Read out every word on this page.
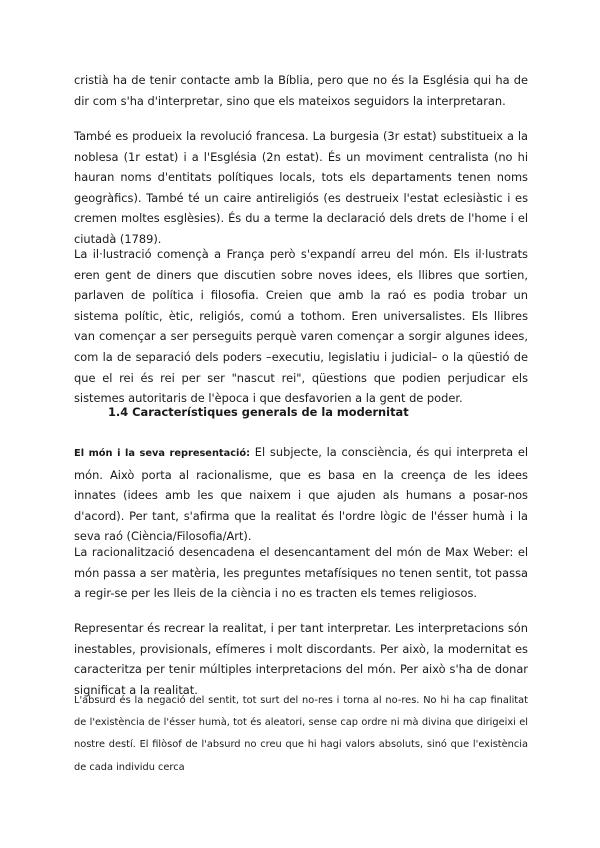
cristià ha de tenir contacte amb la Bíblia, pero que no és la Església qui ha de dir com s'ha d'interpretar, sino que els mateixos seguidors la interpretaran.

També es produeix la revolució francesa. La burgesia (3r estat) substitueix a la noblesa (1r estat) i a l'Església (2n estat). És un moviment centralista (no hi hauran noms d'entitats polítiques locals, tots els departaments tenen noms geogràfics). També té un caire antireligiós (es destrueix l'estat eclesiàstic i es cremen moltes esglèsies). És du a terme la declaració dels drets de l'home i el ciutadà (1789).

La il·lustració començà a França però s'expandí arreu del món. Els il·lustrats eren gent de diners que discutien sobre noves idees, els llibres que sortien, parlaven de política i filosofia. Creien que amb la raó es podia trobar un sistema polític, ètic, religiós, comú a tothom. Eren universalistes. Els llibres van començar a ser perseguits perquè varen començar a sorgir algunes idees, com la de separació dels poders –executiu, legislatiu i judicial– o la qüestió de que el rei és rei per ser "nascut rei", qüestions que podien perjudicar els sistemes autoritaris de l'època i que desfavorien a la gent de poder.

1.4 Característiques generals de la modernitat

El món i la seva representació: El subjecte, la consciència, és qui interpreta el món. Això porta al racionalisme, que es basa en la creença de les idees innates (idees amb les que naixem i que ajuden als humans a posar-nos d'acord). Per tant, s'afirma que la realitat és l'ordre lògic de l'ésser humà i la seva raó (Ciència/Filosofia/Art).

La racionalització desencadena el desencantament del món de Max Weber: el món passa a ser matèria, les preguntes metafísiques no tenen sentit, tot passa a regir-se per les lleis de la ciència i no es tracten els temes religiosos.

Representar és recrear la realitat, i per tant interpretar. Les interpretacions són inestables, provisionals, efímeres i molt discordants. Per això, la modernitat es caracteritza per tenir múltiples interpretacions del món. Per això s'ha de donar significat a la realitat.

L'absurd és la negació del sentit, tot surt del no-res i torna al no-res. No hi ha cap finalitat de l'existència de l'ésser humà, tot és aleatori, sense cap ordre ni mà divina que dirigeixi el nostre destí. El filòsof de l'absurd no creu que hi hagi valors absoluts, sinó que l'existència de cada individu cerca
